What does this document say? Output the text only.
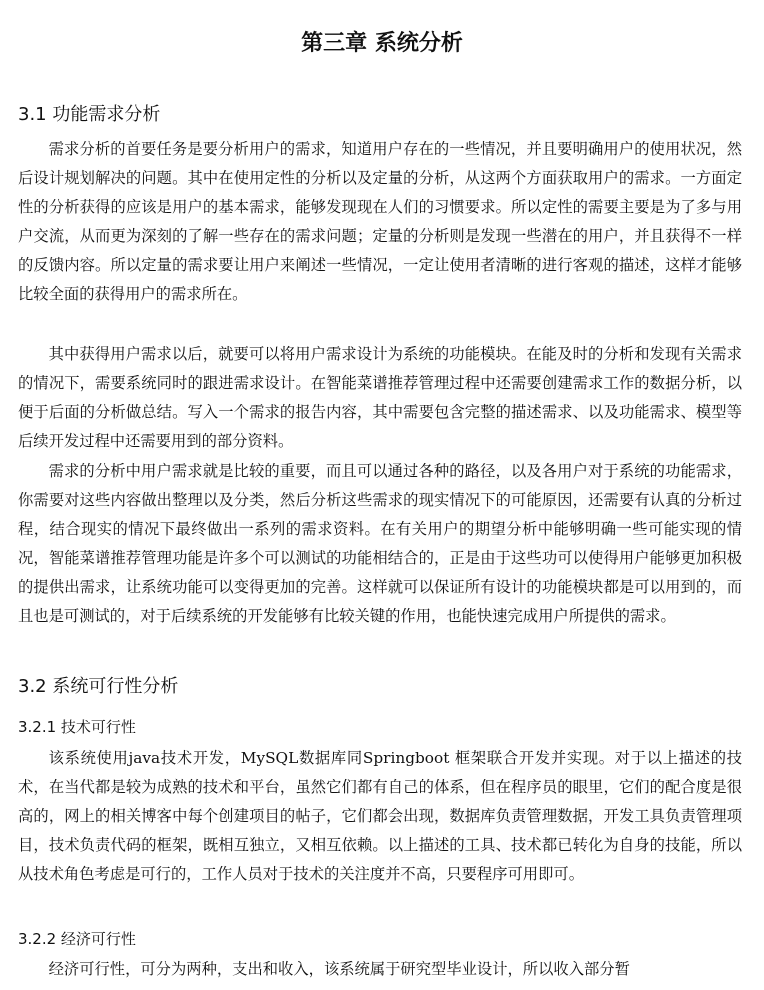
第三章 系统分析
3.1 功能需求分析

需求分析的首要任务是要分析用户的需求，知道用户存在的一些情况，并且要明确用户的使用状况，然后设计规划解决的问题。其中在使用定性的分析以及定量的分析，从这两个方面获取用户的需求。一方面定性的分析获得的应该是用户的基本需求，能够发现现在人们的习惯要求。所以定性的需要主要是为了多与用户交流，从而更为深刻的了解一些存在的需求问题；定量的分析则是发现一些潜在的用户，并且获得不一样的反馈内容。所以定量的需求要让用户来阐述一些情况，一定让使用者清晰的进行客观的描述，这样才能够比较全面的获得用户的需求所在。

其中获得用户需求以后，就要可以将用户需求设计为系统的功能模块。在能及时的分析和发现有关需求的情况下，需要系统同时的跟进需求设计。在智能菜谱推荐管理过程中还需要创建需求工作的数据分析，以便于后面的分析做总结。写入一个需求的报告内容，其中需要包含完整的描述需求、以及功能需求、模型等后续开发过程中还需要用到的部分资料。

需求的分析中用户需求就是比较的重要，而且可以通过各种的路径，以及各用户对于系统的功能需求，你需要对这些内容做出整理以及分类，然后分析这些需求的现实情况下的可能原因，还需要有认真的分析过程，结合现实的情况下最终做出一系列的需求资料。在有关用户的期望分析中能够明确一些可能实现的情况，智能菜谱推荐管理功能是许多个可以测试的功能相结合的，正是由于这些功可以使得用户能够更加积极的提供出需求，让系统功能可以变得更加的完善。这样就可以保证所有设计的功能模块都是可以用到的，而且也是可测试的，对于后续系统的开发能够有比较关键的作用，也能快速完成用户所提供的需求。

3.2 系统可行性分析
3.2.1 技术可行性

该系统使用java技术开发，MySQL数据库同Springboot 框架联合开发并实现。对于以上描述的技术，在当代都是较为成熟的技术和平台，虽然它们都有自己的体系，但在程序员的眼里，它们的配合度是很高的，网上的相关博客中每个创建项目的帖子，它们都会出现，数据库负责管理数据，开发工具负责管理项目，技术负责代码的框架，既相互独立，又相互依赖。以上描述的工具、技术都已转化为自身的技能，所以从技术角色考虑是可行的，工作人员对于技术的关注度并不高，只要程序可用即可。

3.2.2 经济可行性

经济可行性，可分为两种，支出和收入，该系统属于研究型毕业设计，所以收入部分暂
